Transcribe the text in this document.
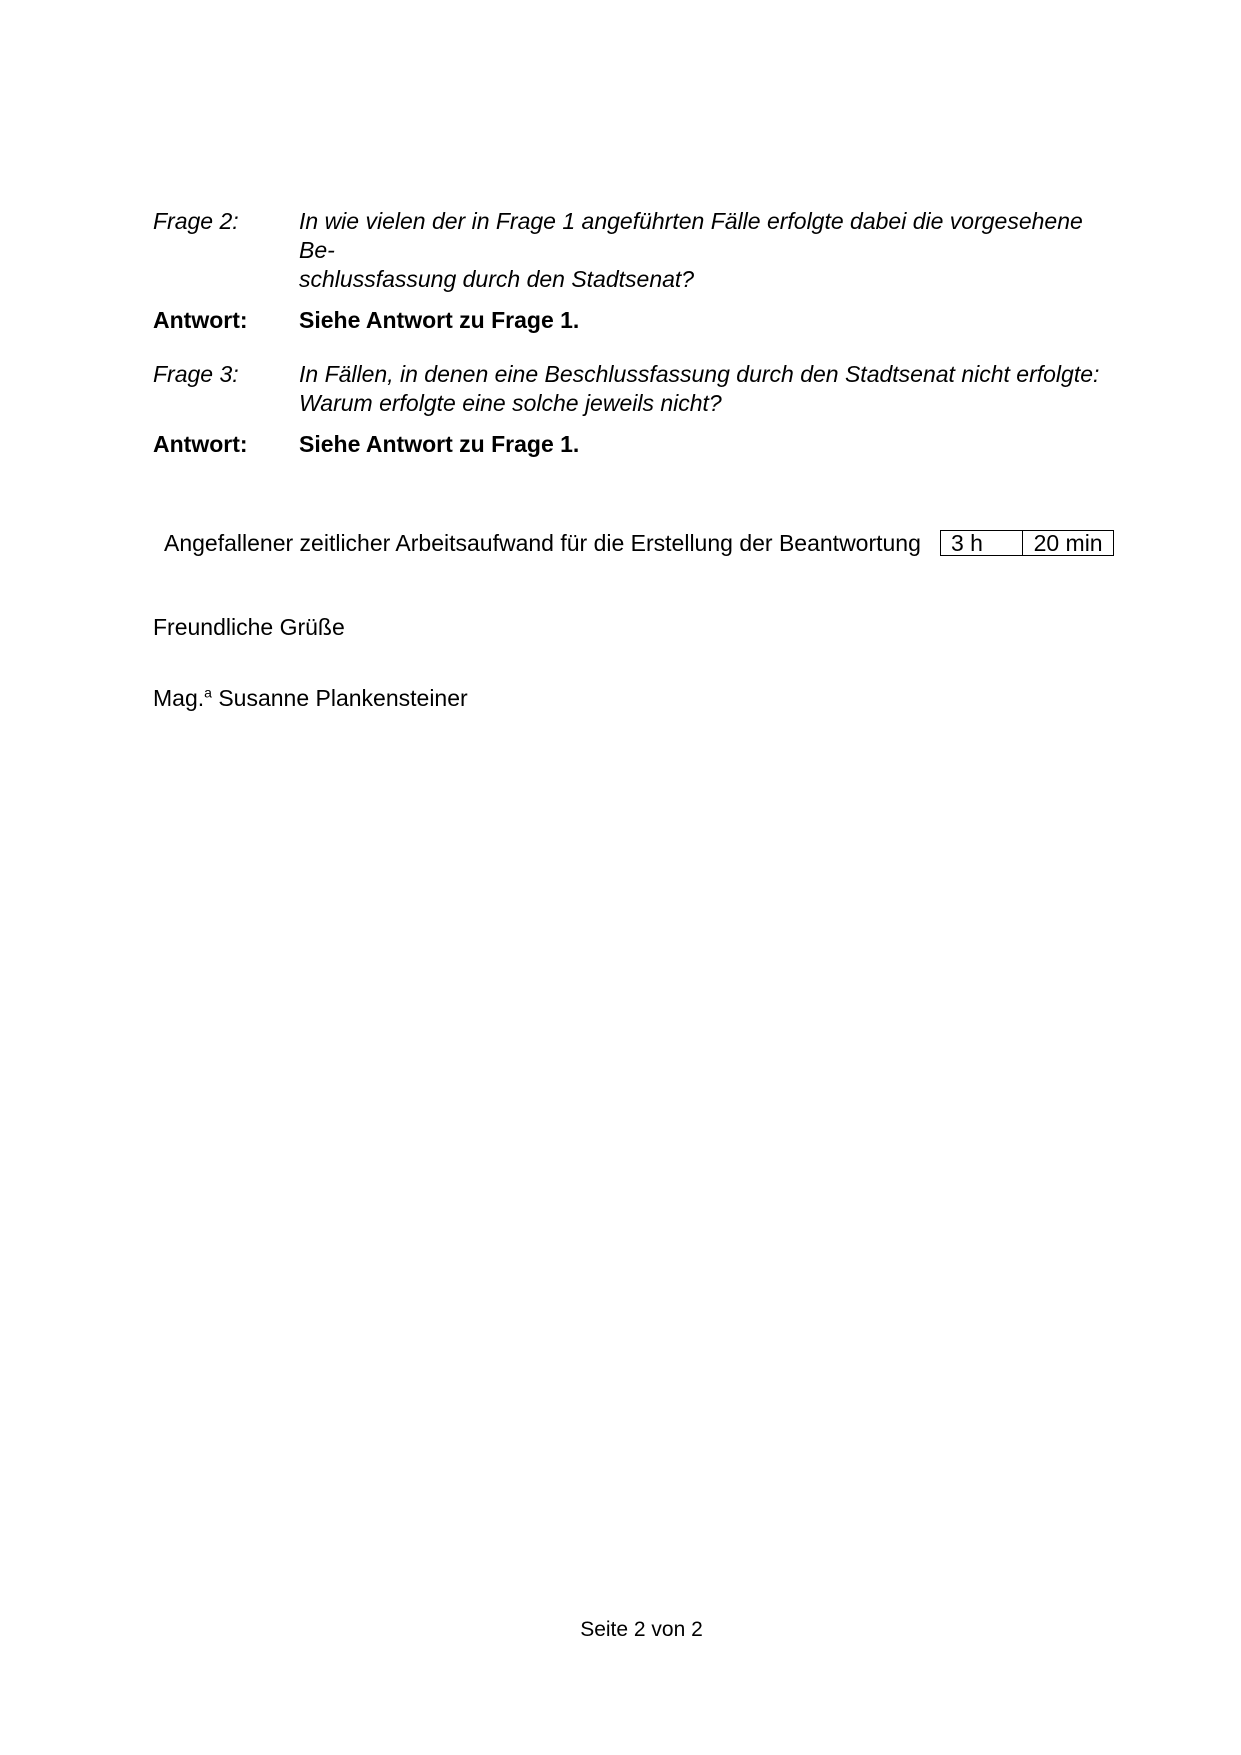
Frage 2:	In wie vielen der in Frage 1 angeführten Fälle erfolgte dabei die vorgesehene Be-
schlussfassung durch den Stadtsenat?
Antwort:	Siehe Antwort zu Frage 1.
Frage 3:	In Fällen, in denen eine Beschlussfassung durch den Stadtsenat nicht erfolgte:
Warum erfolgte eine solche jeweils nicht?
Antwort:	Siehe Antwort zu Frage 1.
Angefallener zeitlicher Arbeitsaufwand für die Erstellung der Beantwortung 3 h	20 min
Freundliche Grüße
Mag.$^a$ Susanne Plankensteiner
Seite 2 von 2
